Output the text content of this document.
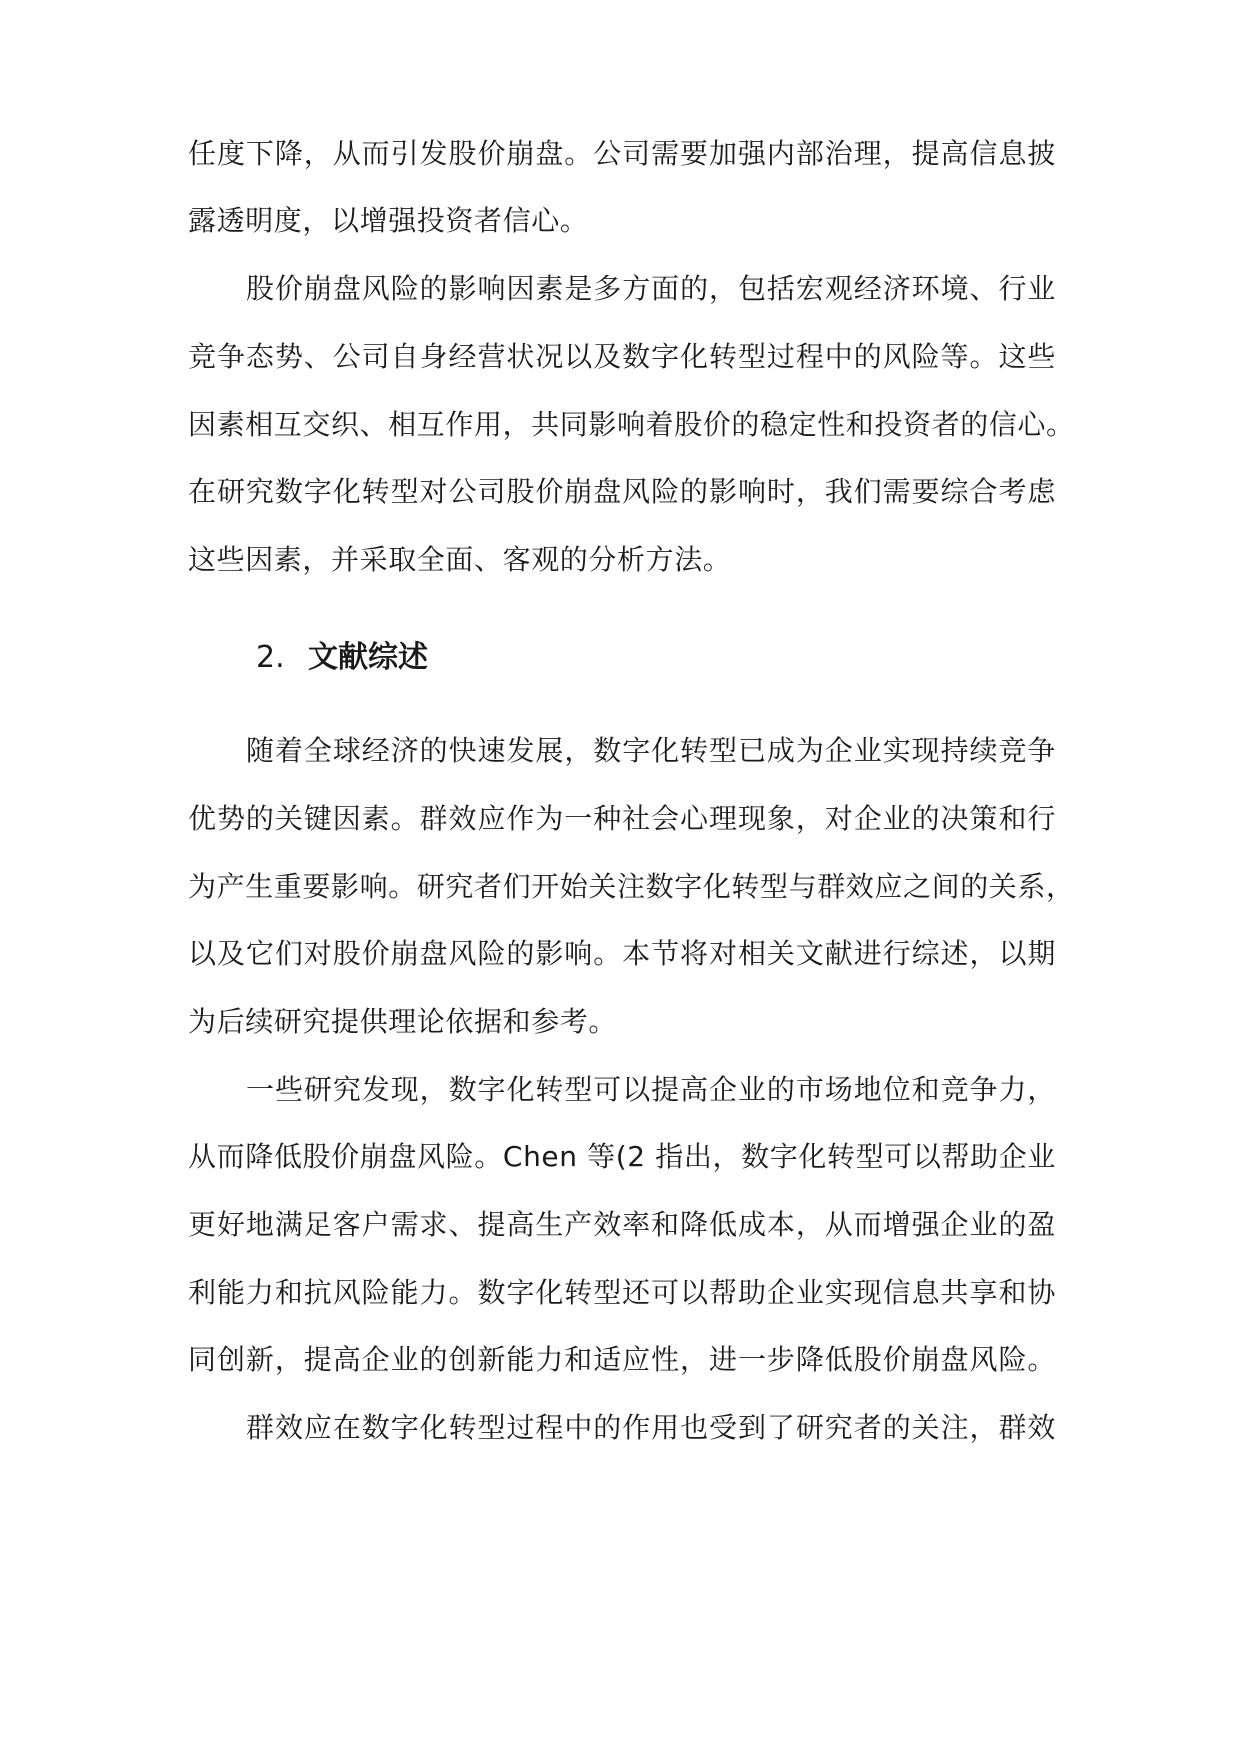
任度下降，从而引发股价崩盘。公司需要加强内部治理，提高信息披
露透明度，以增强投资者信心。
股价崩盘风险的影响因素是多方面的，包括宏观经济环境、行业
竞争态势、公司自身经营状况以及数字化转型过程中的风险等。这些
因素相互交织、相互作用，共同影响着股价的稳定性和投资者的信心。
在研究数字化转型对公司股价崩盘风险的影响时，我们需要综合考虑
这些因素，并采取全面、客观的分析方法。
2. 文献综述
随着全球经济的快速发展，数字化转型已成为企业实现持续竞争
优势的关键因素。群效应作为一种社会心理现象，对企业的决策和行
为产生重要影响。研究者们开始关注数字化转型与群效应之间的关系，
以及它们对股价崩盘风险的影响。本节将对相关文献进行综述，以期
为后续研究提供理论依据和参考。
一些研究发现，数字化转型可以提高企业的市场地位和竞争力，
从而降低股价崩盘风险。Chen 等(2 指出，数字化转型可以帮助企业
更好地满足客户需求、提高生产效率和降低成本，从而增强企业的盈
利能力和抗风险能力。数字化转型还可以帮助企业实现信息共享和协
同创新，提高企业的创新能力和适应性，进一步降低股价崩盘风险。
群效应在数字化转型过程中的作用也受到了研究者的关注，群效
